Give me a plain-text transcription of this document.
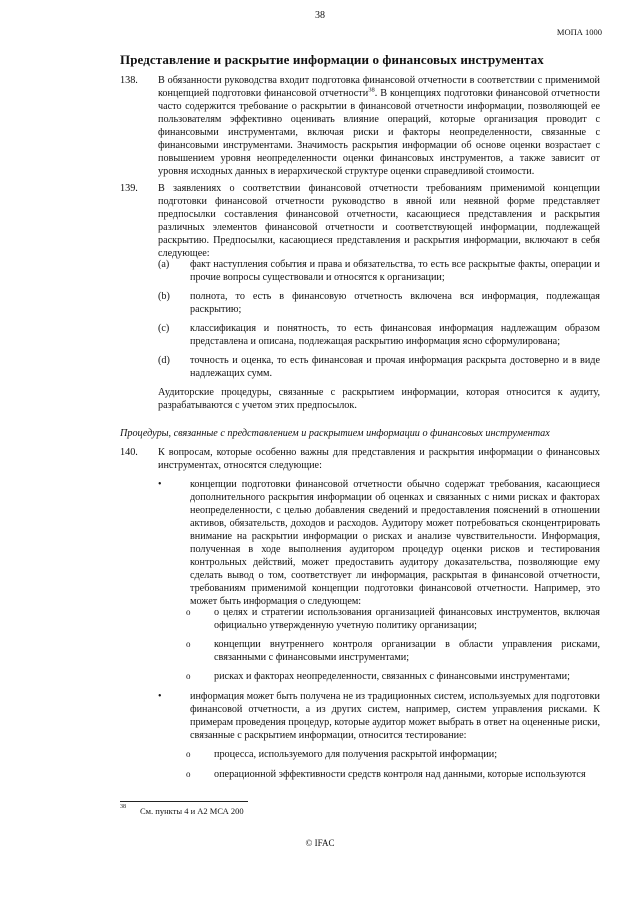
38
МОПА 1000
Представление и раскрытие информации о финансовых инструментах
138. В обязанности руководства входит подготовка финансовой отчетности в соответствии с применимой концепцией подготовки финансовой отчетности$^{38}$. В концепциях подготовки финансовой отчетности часто содержится требование о раскрытии в финансовой отчетности информации, позволяющей ее пользователям эффективно оценивать влияние операций, которые организация проводит с финансовыми инструментами, включая риски и факторы неопределенности, связанные с финансовыми инструментами. Значимость раскрытия информации об основе оценки возрастает с повышением уровня неопределенности оценки финансовых инструментов, а также зависит от уровня исходных данных в иерархической структуре оценки справедливой стоимости.
139. В заявлениях о соответствии финансовой отчетности требованиям применимой концепции подготовки финансовой отчетности руководство в явной или неявной форме представляет предпосылки составления финансовой отчетности, касающиеся представления и раскрытия различных элементов финансовой отчетности и соответствующей информации, подлежащей раскрытию. Предпосылки, касающиеся представления и раскрытия информации, включают в себя следующее:
(a) факт наступления события и права и обязательства, то есть все раскрытые факты, операции и прочие вопросы существовали и относятся к организации;
(b) полнота, то есть в финансовую отчетность включена вся информация, подлежащая раскрытию;
(c) классификация и понятность, то есть финансовая информация надлежащим образом представлена и описана, подлежащая раскрытию информация ясно сформулирована;
(d) точность и оценка, то есть финансовая и прочая информация раскрыта достоверно и в виде надлежащих сумм.
Аудиторские процедуры, связанные с раскрытием информации, которая относится к аудиту, разрабатываются с учетом этих предпосылок.
Процедуры, связанные с представлением и раскрытием информации о финансовых инструментах
140. К вопросам, которые особенно важны для представления и раскрытия информации о финансовых инструментах, относятся следующие:
•	концепции подготовки финансовой отчетности обычно содержат требования, касающиеся дополнительного раскрытия информации об оценках и связанных с ними рисках и факторах неопределенности, с целью добавления сведений и предоставления пояснений в отношении активов, обязательств, доходов и расходов. Аудитору может потребоваться сконцентрировать внимание на раскрытии информации о рисках и анализе чувствительности. Информация, полученная в ходе выполнения аудитором процедур оценки рисков и тестирования контрольных действий, может предоставить аудитору доказательства, позволяющие ему сделать вывод о том, соответствует ли информация, раскрытая в финансовой отчетности, требованиям применимой концепции подготовки финансовой отчетности. Например, это может быть информация о следующем:
o о целях и стратегии использования организацией финансовых инструментов, включая официально утвержденную учетную политику организации;
o концепции внутреннего контроля организации в области управления рисками, связанными с финансовыми инструментами;
o рисках и факторах неопределенности, связанных с финансовыми инструментами;
•	информация может быть получена не из традиционных систем, используемых для подготовки финансовой отчетности, а из других систем, например, систем управления рисками. К примерам проведения процедур, которые аудитор может выбрать в ответ на оцененные риски, связанные с раскрытием информации, относится тестирование:
o процесса, используемого для получения раскрытой информации;
o операционной эффективности средств контроля над данными, которые используются
38 См. пункты 4 и A2 МСА 200
© IFAC
